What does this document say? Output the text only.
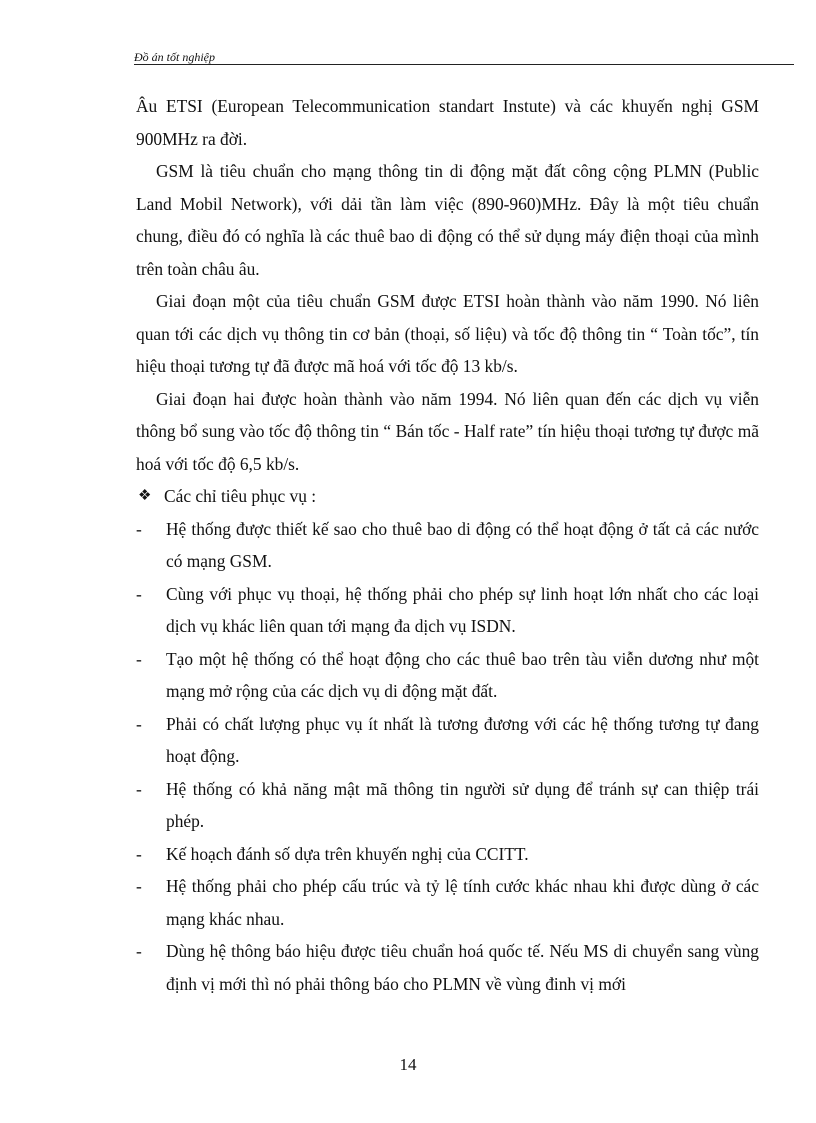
Đồ án tốt nghiệp

Âu ETSI (European Telecommunication standart Instute) và các khuyến nghị GSM 900MHz ra đời.

GSM là tiêu chuẩn cho mạng thông tin di động mặt đất công cộng PLMN (Public Land Mobil Network), với dải tần làm việc (890-960)MHz. Đây là một tiêu chuẩn chung, điều đó có nghĩa là các thuê bao di động có thể sử dụng máy điện thoại của mình trên toàn châu âu.

Giai đoạn một của tiêu chuẩn GSM được ETSI hoàn thành vào năm 1990. Nó liên quan tới các dịch vụ thông tin cơ bản (thoại, số liệu) và tốc độ thông tin “ Toàn tốc”, tín hiệu thoại tương tự đã được mã hoá với tốc độ 13 kb/s.

Giai đoạn hai được hoàn thành vào năm 1994. Nó liên quan đến các dịch vụ viễn thông bổ sung vào tốc độ thông tin “ Bán tốc - Half rate” tín hiệu thoại tương tự được mã hoá với tốc độ 6,5 kb/s.

❖ Các chỉ tiêu phục vụ :

- Hệ thống được thiết kế sao cho thuê bao di động có thể hoạt động ở tất cả các nước có mạng GSM.

- Cùng với phục vụ thoại, hệ thống phải cho phép sự linh hoạt lớn nhất cho các loại dịch vụ khác liên quan tới mạng đa dịch vụ ISDN.

- Tạo một hệ thống có thể hoạt động cho các thuê bao trên tàu viễn dương như một mạng mở rộng của các dịch vụ di động mặt đất.

- Phải có chất lượng phục vụ ít nhất là tương đương với các hệ thống tương tự đang hoạt động.

- Hệ thống có khả năng mật mã thông tin người sử dụng để tránh sự can thiệp trái phép.

- Kế hoạch đánh số dựa trên khuyến nghị của CCITT.

- Hệ thống phải cho phép cấu trúc và tỷ lệ tính cước khác nhau khi được dùng ở các mạng khác nhau.

- Dùng hệ thông báo hiệu được tiêu chuẩn hoá quốc tế. Nếu MS di chuyển sang vùng định vị mới thì nó phải thông báo cho PLMN về vùng đinh vị mới

14
